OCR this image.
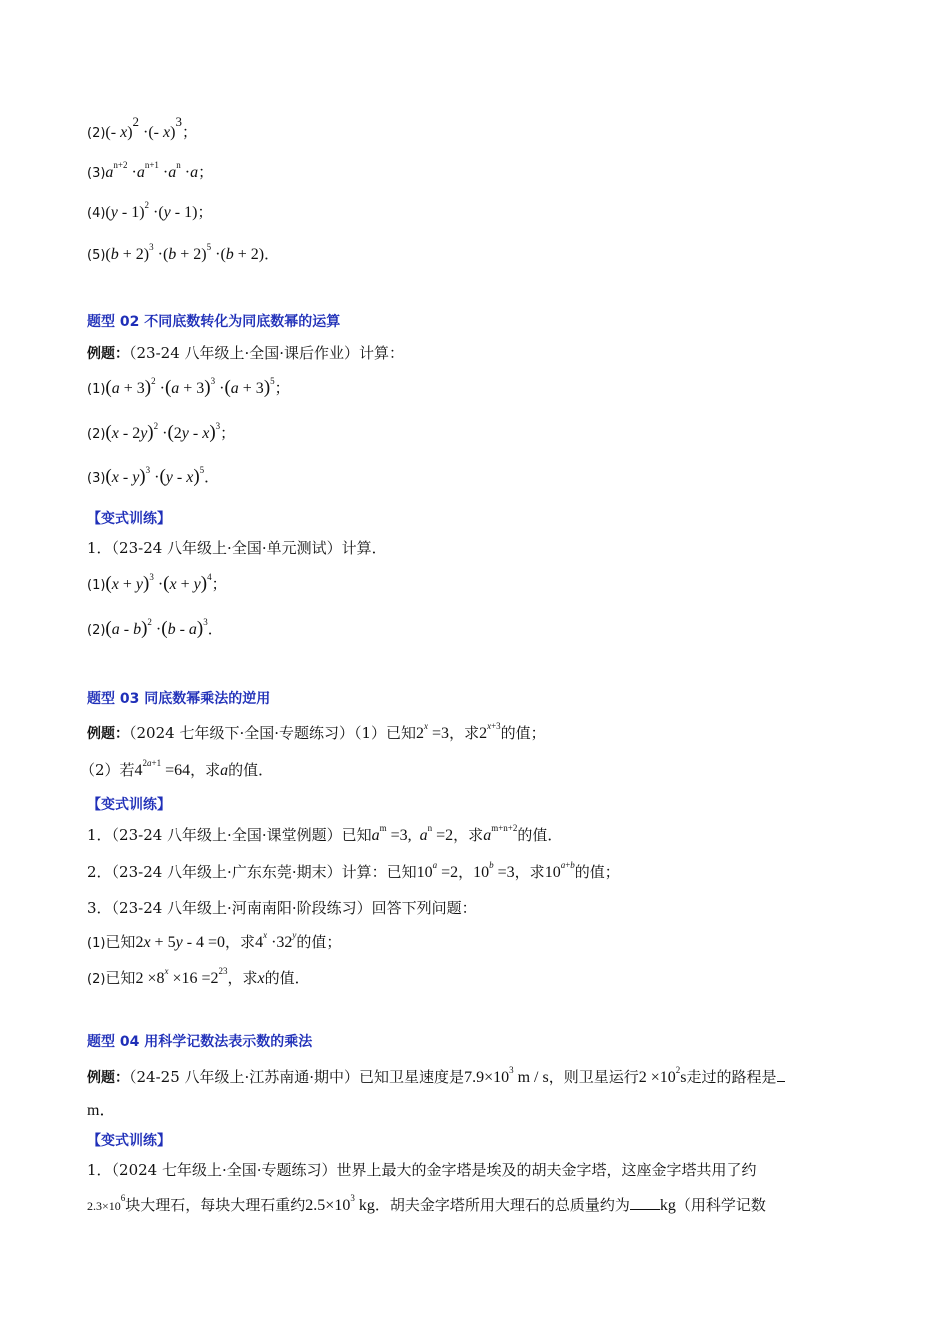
(2)(- x)$^2$ ·(- x)$^3$；
$(3)a^{n+2} \cdot a^{n+1} \cdot a^n \cdot a$；
(4)(y - 1)$^2$ ·(y - 1)；
$(5)(b + 2)^3 \cdot(b + 2)^5 \cdot(b + 2)$．
题型 02 不同底数转化为同底数幂的运算
例题：（23-24 八年级上·全国·课后作业）计算：
$(1)(a + 3)^2 \cdot(a + 3)^3 \cdot(a + 3)^5$；
(2)(x - 2y)$^2$ ·(2y - x)$^3$；
(3)(x - y)$^3$ ·(y - x)$^5$．
【变式训练】
1．（23-24 八年级上·全国·单元测试）计算．
$(1)(x + y)^3 \cdot(x + y)^4$；
(2)(a - b)$^2$ ·(b - a)$^3$．
题型 03 同底数幂乘法的逆用
例题：（2024 七年级下·全国·专题练习）（1）已知$2^x =3$，求$2^{x+3}$的值；
（2）若$4^{2a+1} =64$，求a的值．
【变式训练】
1．（23-24 八年级上·全国·课堂例题）已知$a^m =3$,  $a^n =2$，求$a^{m+n+2}$的值．
2．（23-24 八年级上·广东东莞·期末）计算：已知$10^a =2$，$10^b =3$，求$10^{a+b}$的值；
3．（23-24 八年级上·河南南阳·阶段练习）回答下列问题：
(1)已知2x + 5y - 4 =0，求$4^x \cdot 32^y$的值；
(2)已知$2 \times 8^x \times 16 =2^{23}$，求x的值．
题型 04 用科学记数法表示数的乘法
例题：（24-25 八年级上·江苏南通·期中）已知卫星速度是$7.9\times 10^3$ m / s，则卫星运行$2 \times 10^2s$走过的路程是
m．
【变式训练】
1．（2024 七年级上·全国·专题练习）世界上最大的金字塔是埃及的胡夫金字塔，这座金字塔共用了约
$2.3\times 10^6$块大理石，每块大理石重约$2.5\times 10^3$ kg．胡夫金字塔所用大理石的总质量约为 kg（用科学记数
